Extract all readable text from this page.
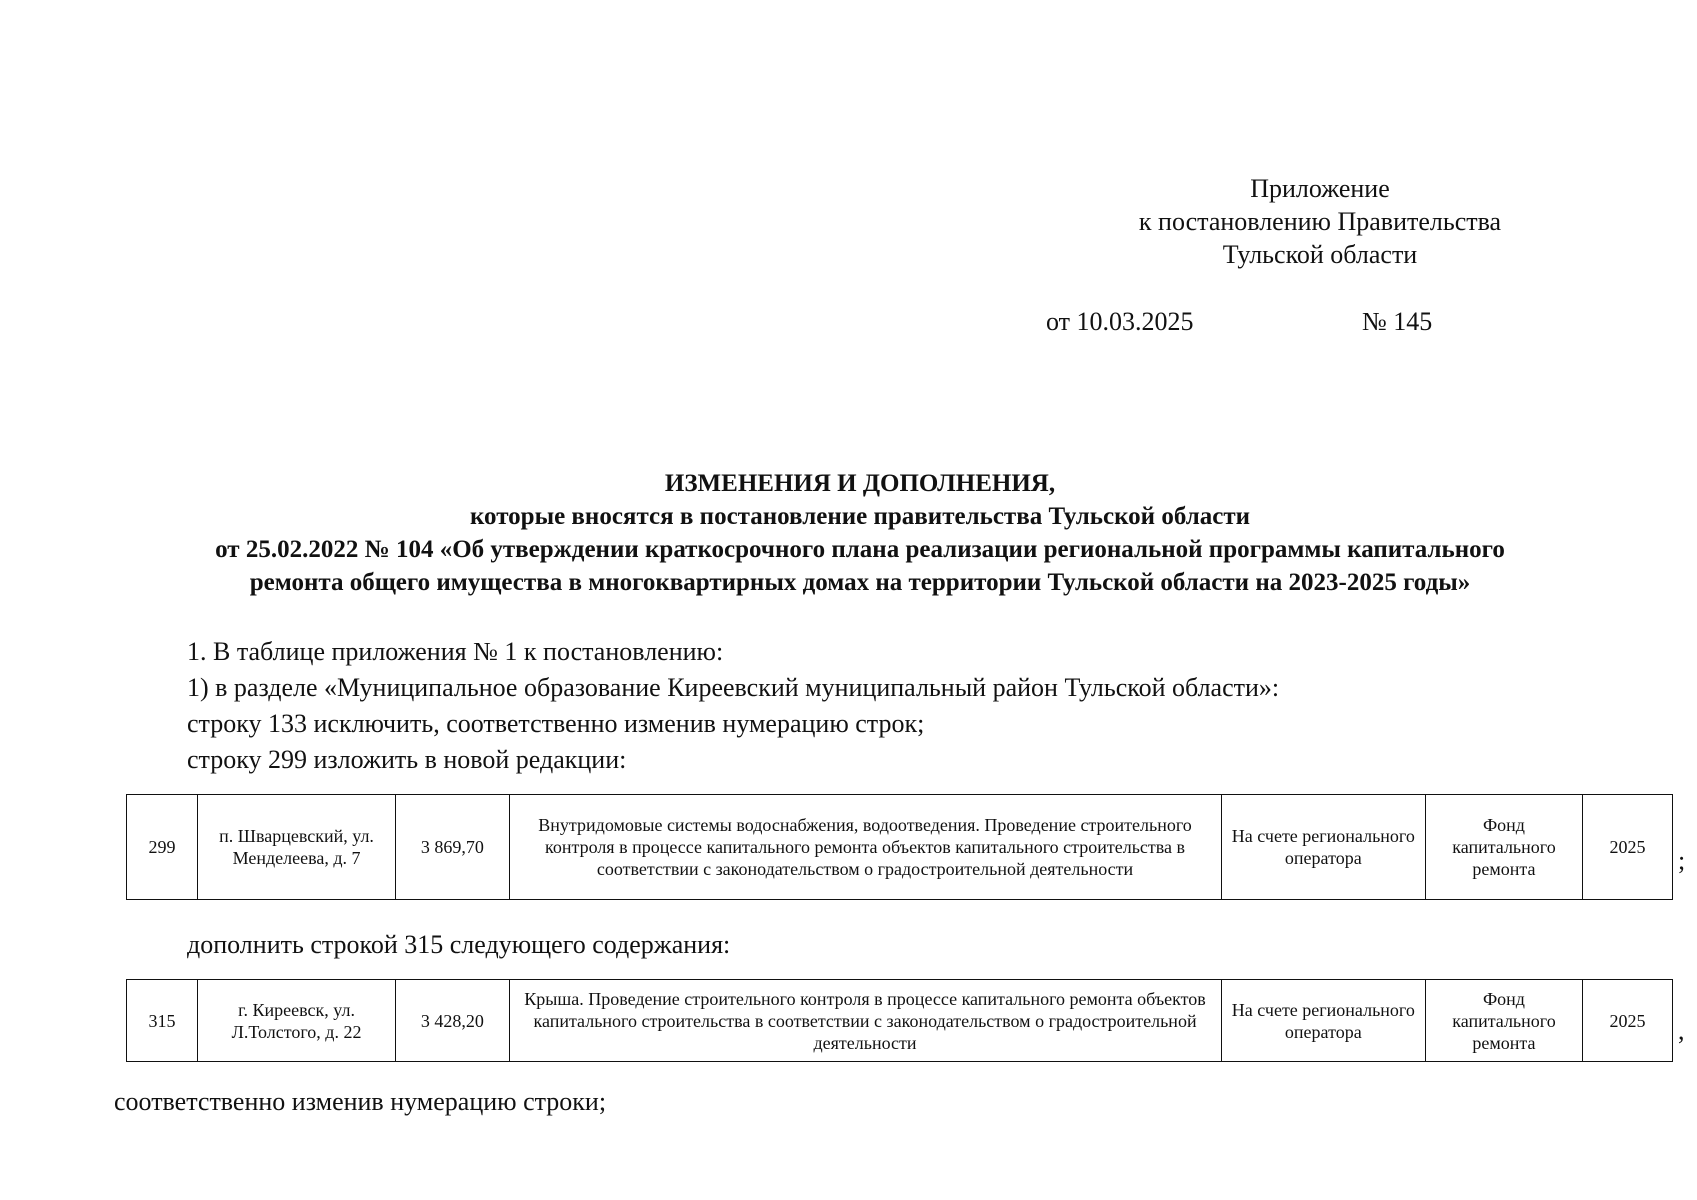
Приложение
к постановлению Правительства
Тульской области
от 10.03.2025	№ 145
ИЗМЕНЕНИЯ И ДОПОЛНЕНИЯ,
которые вносятся в постановление правительства Тульской области
от 25.02.2022 № 104 «Об утверждении краткосрочного плана реализации региональной программы капитального
ремонта общего имущества в многоквартирных домах на территории Тульской области на 2023-2025 годы»
1. В таблице приложения № 1 к постановлению:
1) в разделе «Муниципальное образование Киреевский муниципальный район Тульской области»:
строку 133 исключить, соответственно изменив нумерацию строк;
строку 299 изложить в новой редакции:
299	п. Шварцевский, ул. Менделеева, д. 7	3 869,70	Внутридомовые системы водоснабжения, водоотведения. Проведение строительного контроля в процессе капитального ремонта объектов капитального строительства в соответствии с законодательством о градостроительной деятельности	На счете регионального оператора	Фонд капитального ремонта	2025 ;
дополнить строкой 315 следующего содержания:
315	г. Киреевск, ул. Л.Толстого, д. 22	3 428,20	Крыша. Проведение строительного контроля в процессе капитального ремонта объектов капитального строительства в соответствии с законодательством о градостроительной деятельности	На счете регионального оператора	Фонд капитального ремонта	2025 ,
соответственно изменив нумерацию строки;
